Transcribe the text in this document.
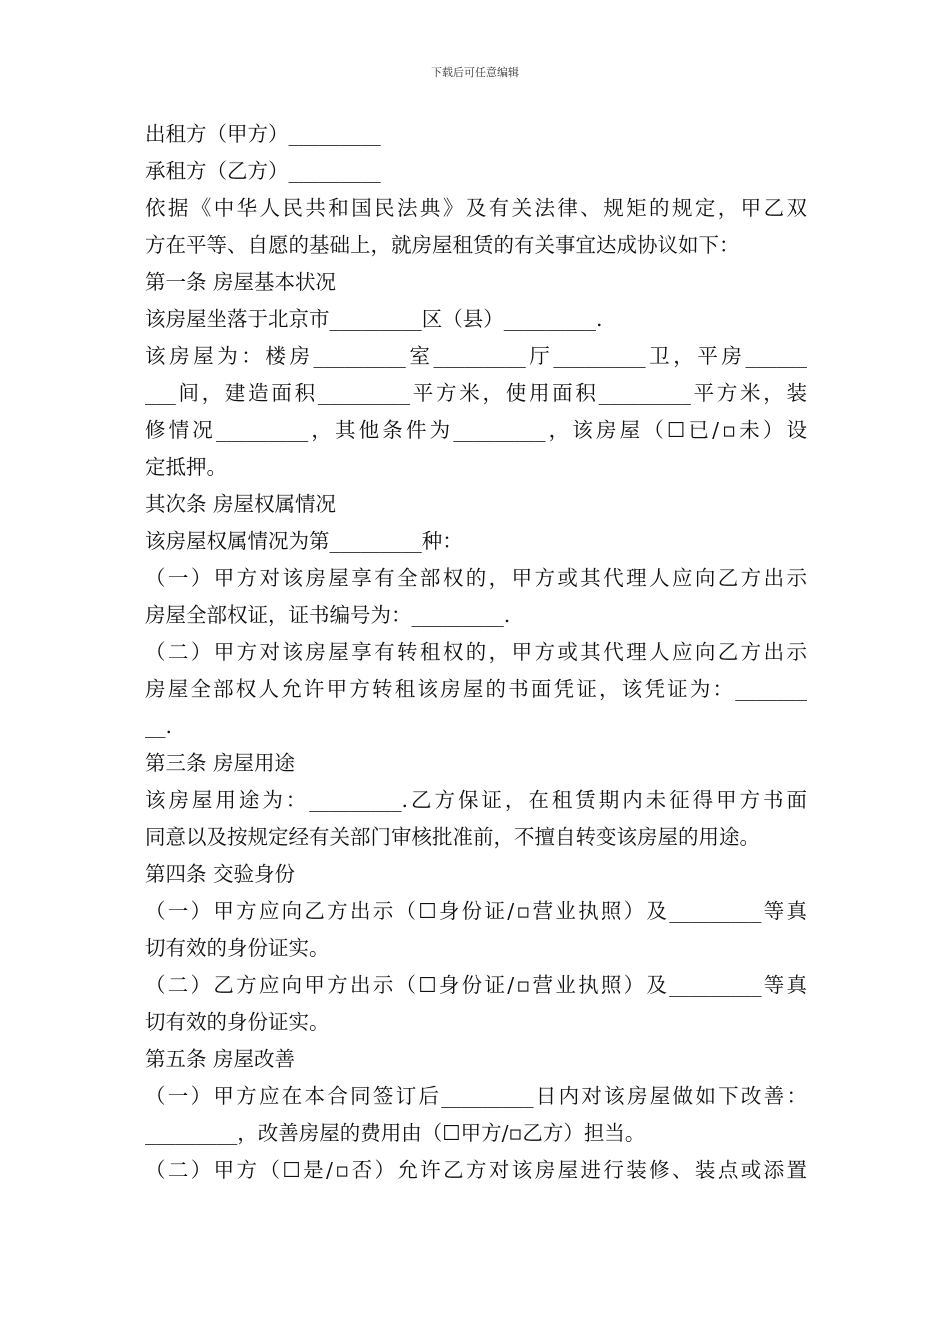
下载后可任意编辑
出租方（甲方）_________
承租方（乙方）_________
依据《中华人民共和国民法典》及有关法律、规矩的规定，甲乙双
方在平等、自愿的基础上，就房屋租赁的有关事宜达成协议如下：
第一条 房屋基本状况
该房屋坐落于北京市_________区（县）_________.
该房屋为：楼房_________室_________厅_________卫，平房______
___间，建造面积_________平方米，使用面积_________平方米，装
修情况_________，其他条件为_________，该房屋（☐已/▫未）设
定抵押。
其次条 房屋权属情况
该房屋权属情况为第_________种：
（一）甲方对该房屋享有全部权的，甲方或其代理人应向乙方出示
房屋全部权证，证书编号为：_________.
（二）甲方对该房屋享有转租权的，甲方或其代理人应向乙方出示
房屋全部权人允许甲方转租该房屋的书面凭证，该凭证为：_______
__.
第三条 房屋用途
该房屋用途为：_________.乙方保证，在租赁期内未征得甲方书面
同意以及按规定经有关部门审核批准前，不擅自转变该房屋的用途。
第四条 交验身份
（一）甲方应向乙方出示（☐身份证/▫营业执照）及_________等真
切有效的身份证实。
（二）乙方应向甲方出示（☐身份证/▫营业执照）及_________等真
切有效的身份证实。
第五条 房屋改善
（一）甲方应在本合同签订后_________日内对该房屋做如下改善：
_________，改善房屋的费用由（☐甲方/▫乙方）担当。
（二）甲方（☐是/▫否）允许乙方对该房屋进行装修、装点或添置
